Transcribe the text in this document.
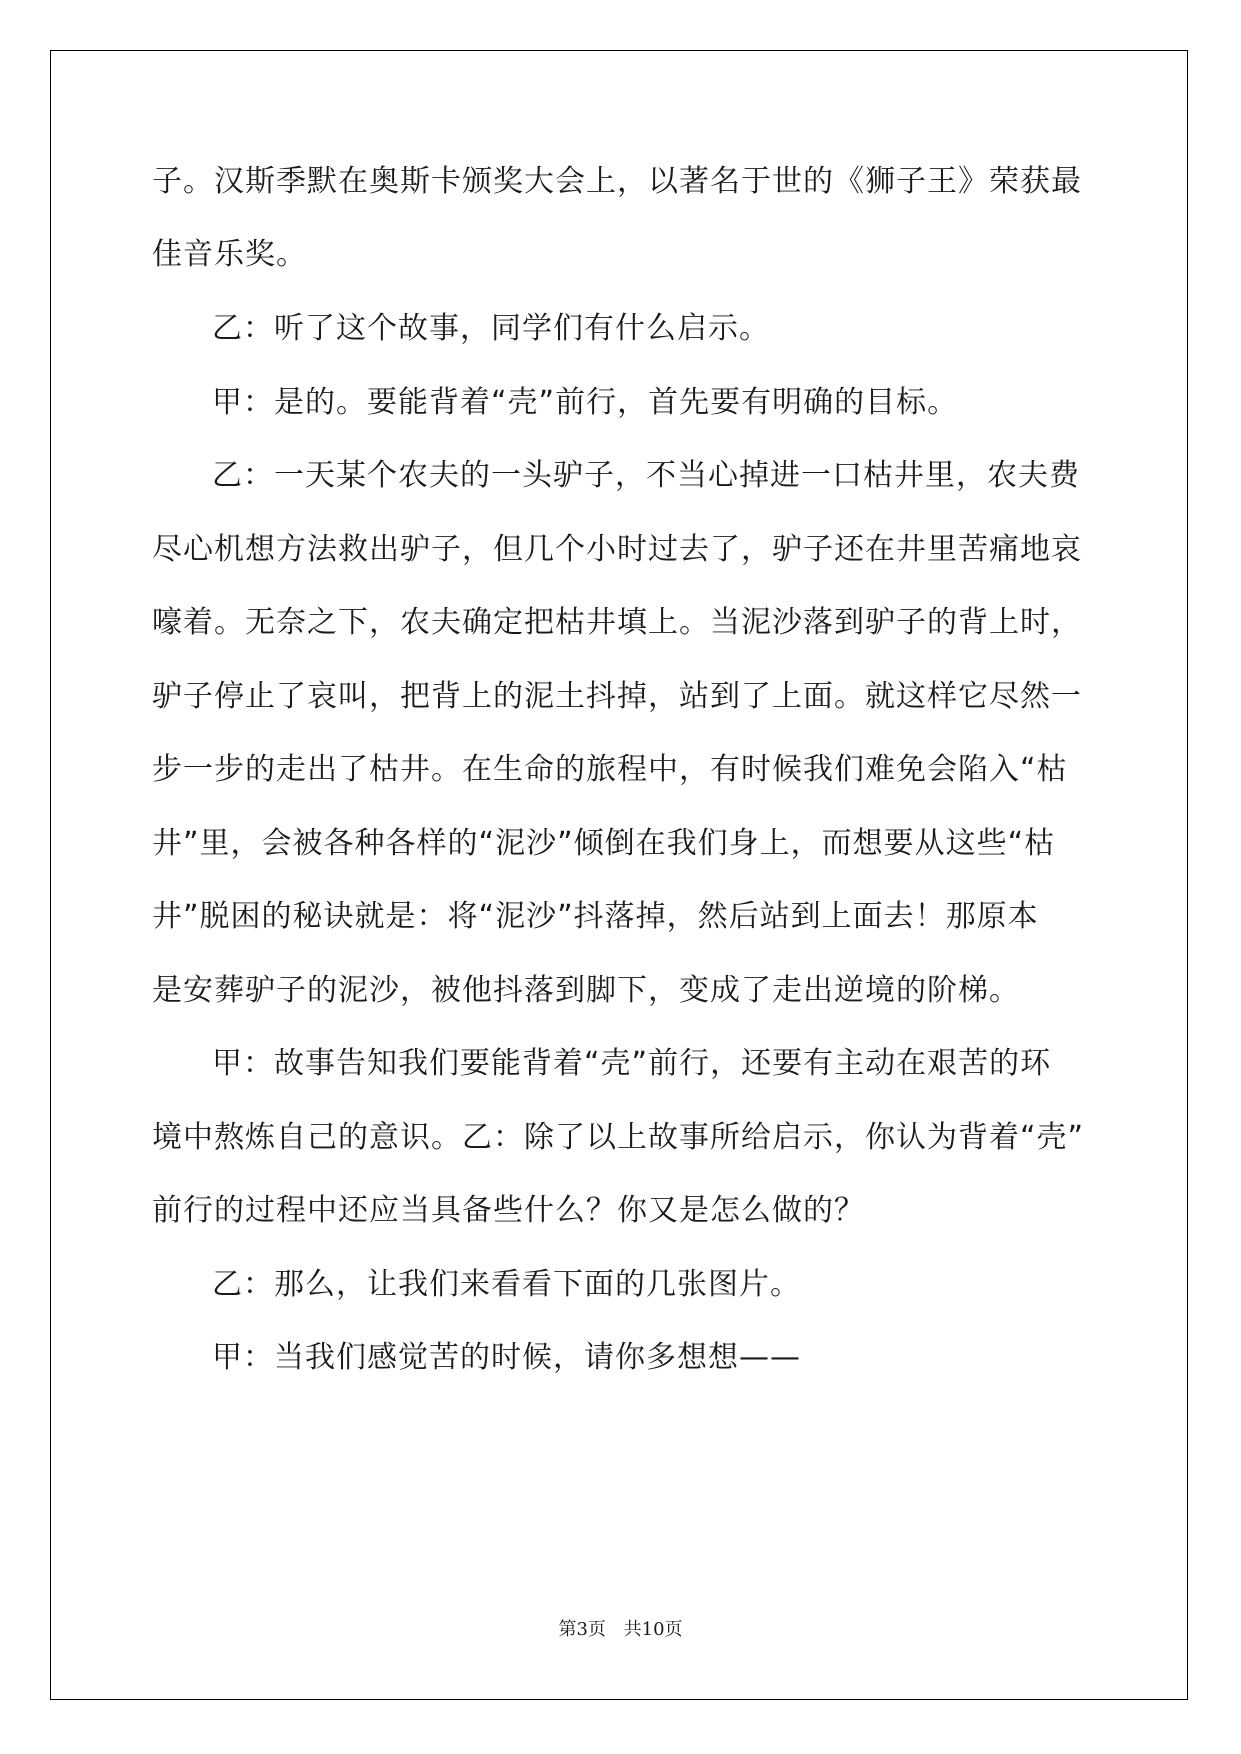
子。汉斯季默在奥斯卡颁奖大会上，以著名于世的《狮子王》荣获最
佳音乐奖。
乙：听了这个故事，同学们有什么启示。
甲：是的。要能背着“壳”前行，首先要有明确的目标。
乙：一天某个农夫的一头驴子，不当心掉进一口枯井里，农夫费
尽心机想方法救出驴子，但几个小时过去了，驴子还在井里苦痛地哀
嚎着。无奈之下，农夫确定把枯井填上。当泥沙落到驴子的背上时，
驴子停止了哀叫，把背上的泥土抖掉，站到了上面。就这样它尽然一
步一步的走出了枯井。在生命的旅程中，有时候我们难免会陷入“枯
井”里，会被各种各样的“泥沙”倾倒在我们身上，而想要从这些“枯
井”脱困的秘诀就是：将“泥沙”抖落掉，然后站到上面去！那原本
是安葬驴子的泥沙，被他抖落到脚下，变成了走出逆境的阶梯。
甲：故事告知我们要能背着“壳”前行，还要有主动在艰苦的环
境中熬炼自己的意识。乙：除了以上故事所给启示，你认为背着“壳”
前行的过程中还应当具备些什么？你又是怎么做的？
乙：那么，让我们来看看下面的几张图片。
甲：当我们感觉苦的时候，请你多想想——
第3页 共10页
